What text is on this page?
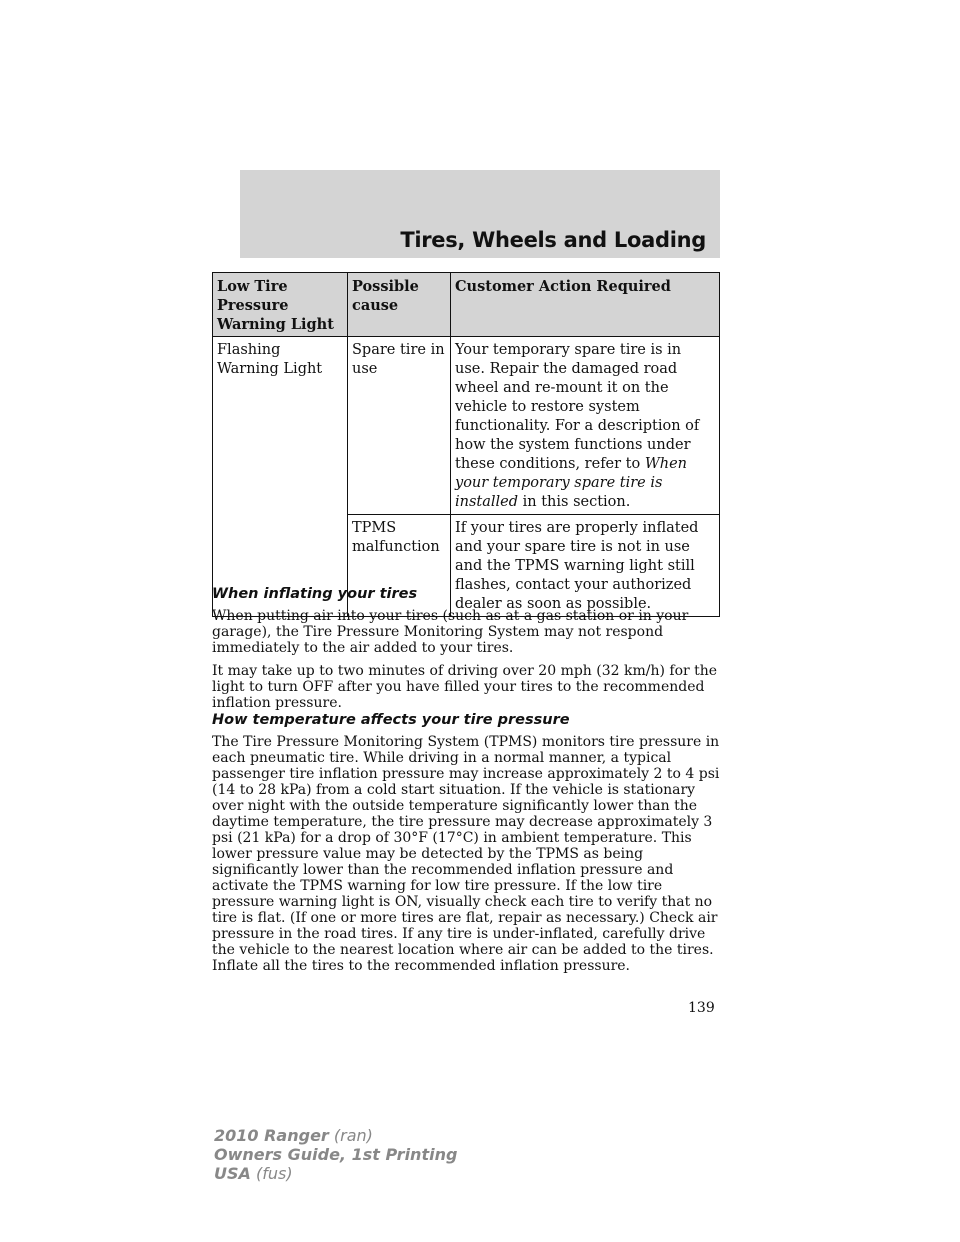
Tires, Wheels and Loading
Low Tire Pressure Warning Light	Possible cause	Customer Action Required
Flashing Warning Light	Spare tire in use	Your temporary spare tire is in use. Repair the damaged road wheel and re-mount it on the vehicle to restore system functionality. For a description of how the system functions under these conditions, refer to When your temporary spare tire is installed in this section.
	TPMS malfunction	If your tires are properly inflated and your spare tire is not in use and the TPMS warning light still flashes, contact your authorized dealer as soon as possible.
When inflating your tires

When putting air into your tires (such as at a gas station or in your garage), the Tire Pressure Monitoring System may not respond immediately to the air added to your tires.

It may take up to two minutes of driving over 20 mph (32 km/h) for the light to turn OFF after you have filled your tires to the recommended inflation pressure.

How temperature affects your tire pressure

The Tire Pressure Monitoring System (TPMS) monitors tire pressure in each pneumatic tire. While driving in a normal manner, a typical passenger tire inflation pressure may increase approximately 2 to 4 psi (14 to 28 kPa) from a cold start situation. If the vehicle is stationary over night with the outside temperature significantly lower than the daytime temperature, the tire pressure may decrease approximately 3 psi (21 kPa) for a drop of 30°F (17°C) in ambient temperature. This lower pressure value may be detected by the TPMS as being significantly lower than the recommended inflation pressure and activate the TPMS warning for low tire pressure. If the low tire pressure warning light is ON, visually check each tire to verify that no tire is flat. (If one or more tires are flat, repair as necessary.) Check air pressure in the road tires. If any tire is under-inflated, carefully drive the vehicle to the nearest location where air can be added to the tires. Inflate all the tires to the recommended inflation pressure.

139
2010 Ranger (ran)
Owners Guide, 1st Printing
USA (fus)
